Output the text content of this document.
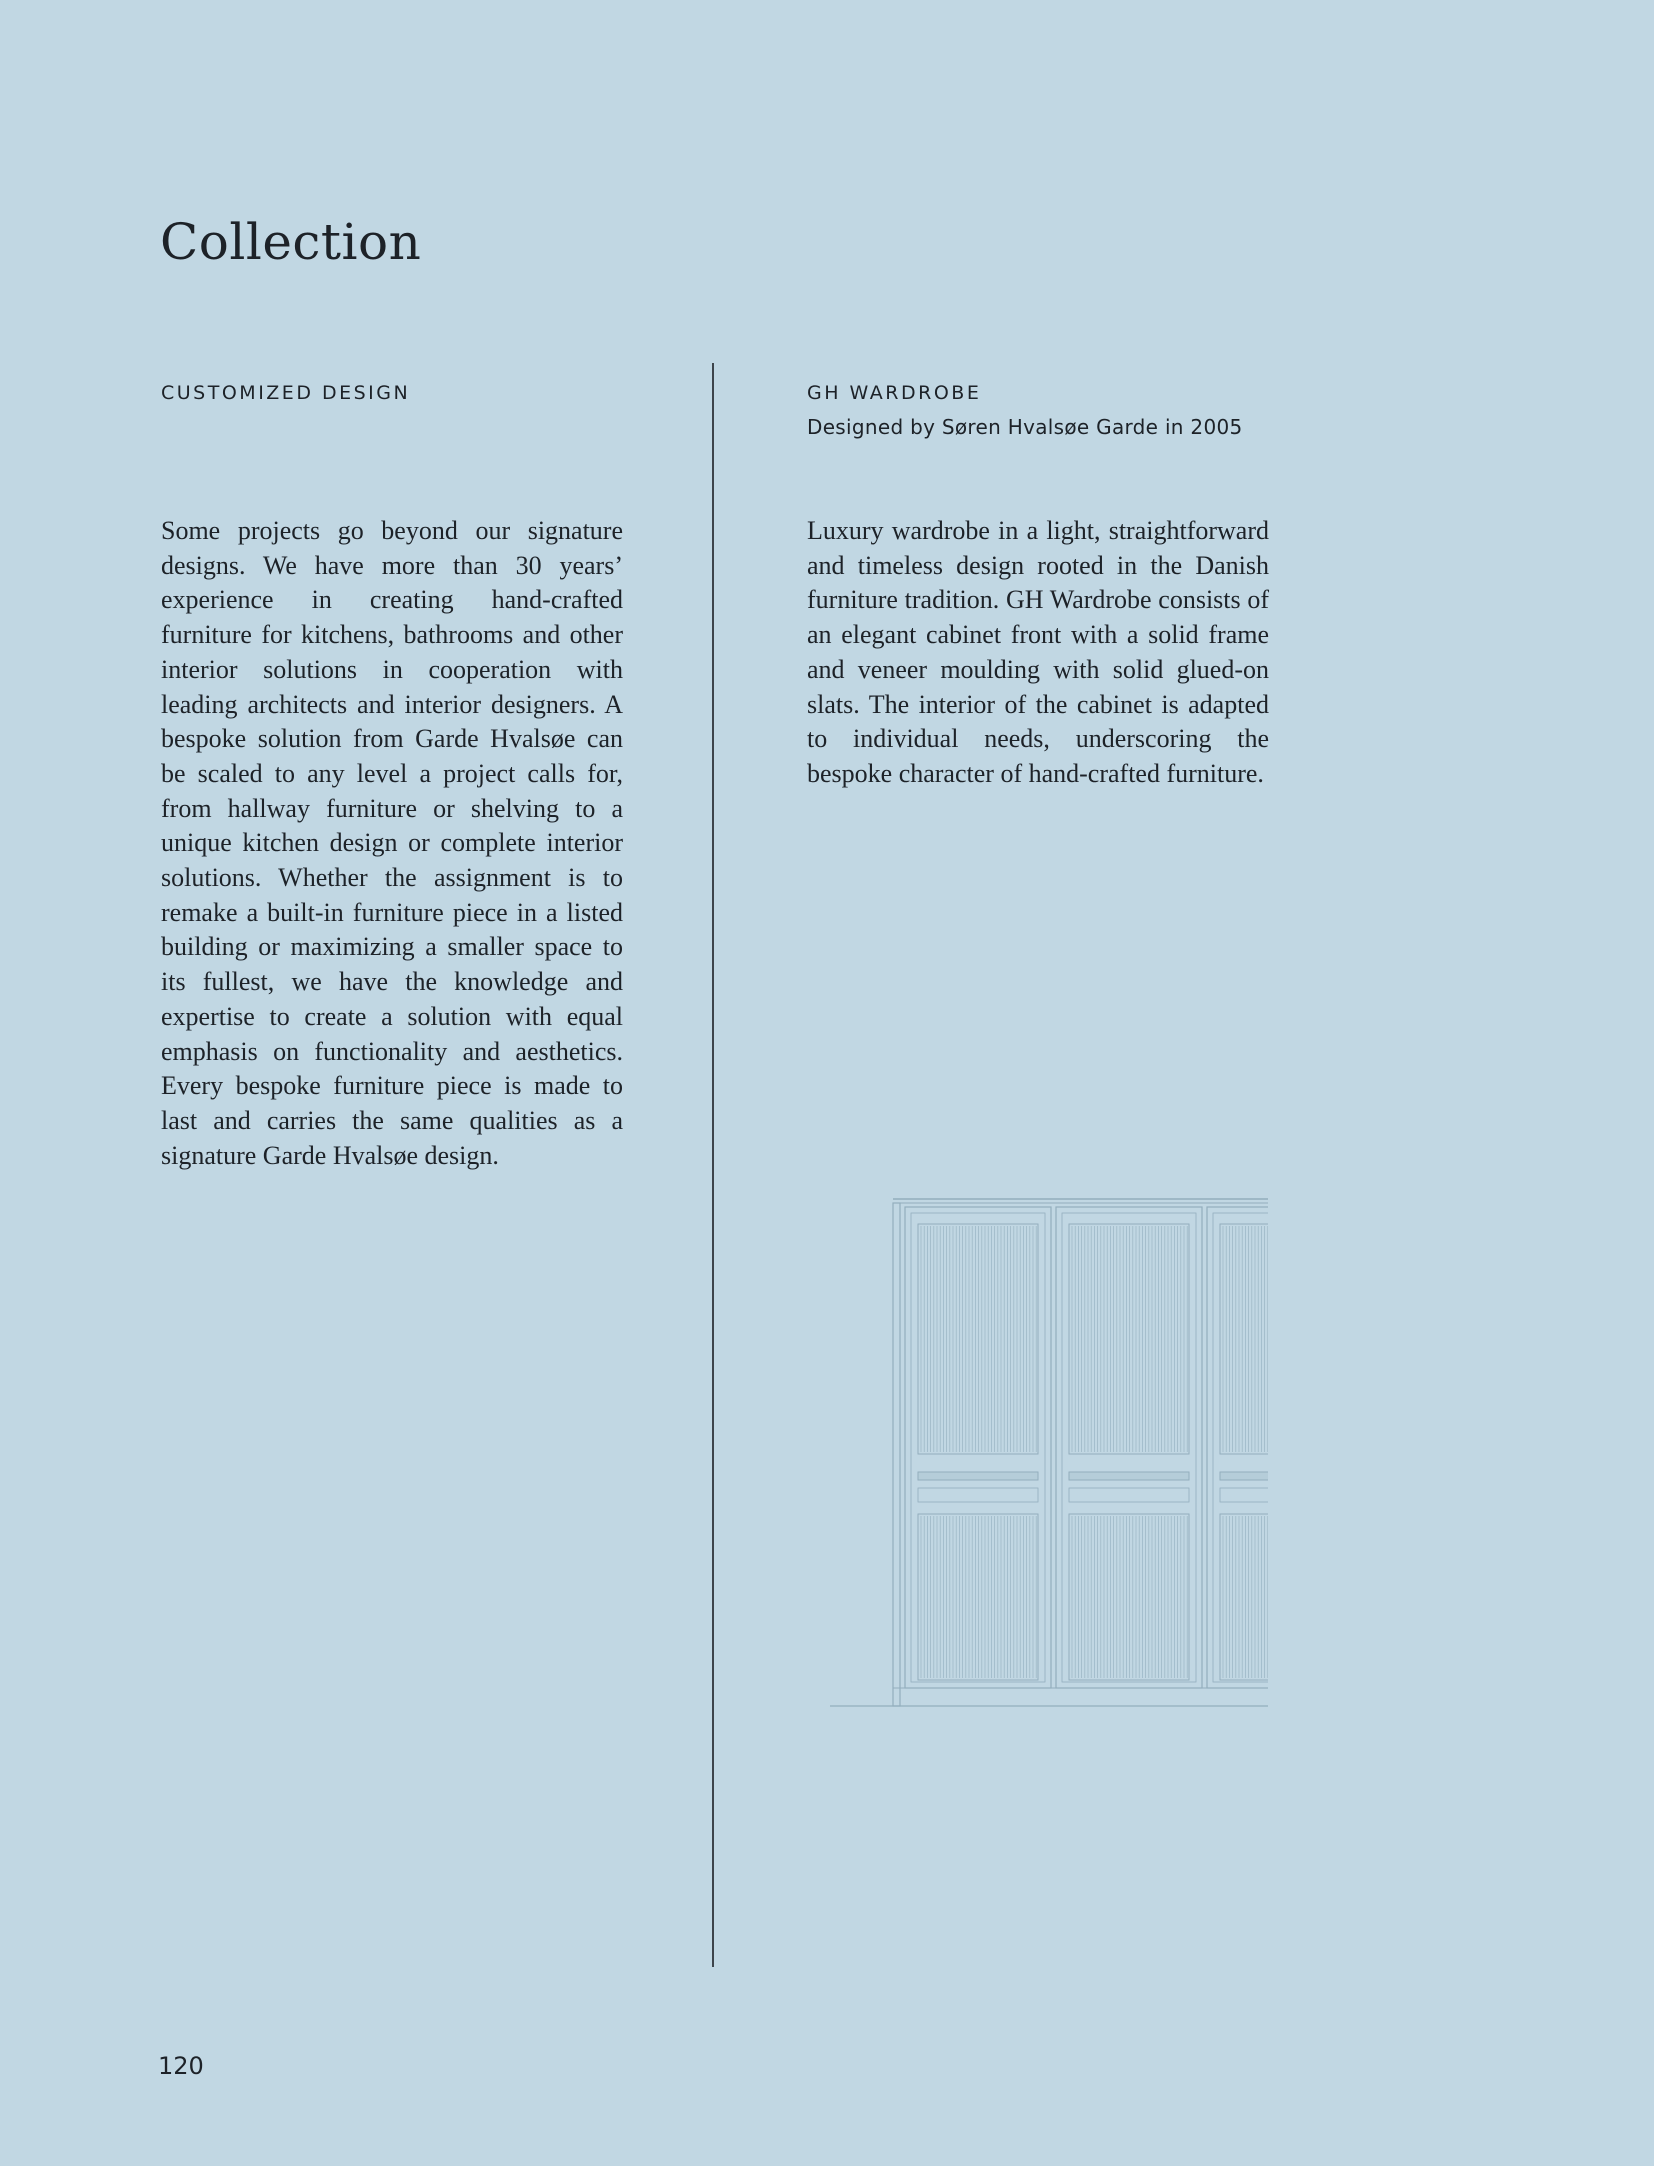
Collection
CUSTOMIZED DESIGN	GH WARDROBE
Designed by Søren Hvalsøe Garde in 2005

Some projects go beyond our signature designs. We have more than 30 years’ experience in creating hand-crafted furniture for kitchens, bathrooms and other interior solutions in cooperation with leading architects and interior designers. A bespoke solution from Garde Hvalsøe can be scaled to any level a project calls for, from hallway furniture or shelving to a unique kitchen design or complete interior solutions. Whether the assignment is to remake a built-in furniture piece in a listed building or maximizing a smaller space to its fullest, we have the knowledge and expertise to create a solution with equal emphasis on functionality and aesthetics. Every bespoke furniture piece is made to last and carries the same qualities as a signature Garde Hvalsøe design.

Luxury wardrobe in a light, straightforward and timeless design rooted in the Danish furniture tradition. GH Wardrobe consists of an elegant cabinet front with a solid frame and veneer moulding with solid glued-on slats. The interior of the cabinet is adapted to individual needs, underscoring the bespoke character of hand-crafted furniture.

120
